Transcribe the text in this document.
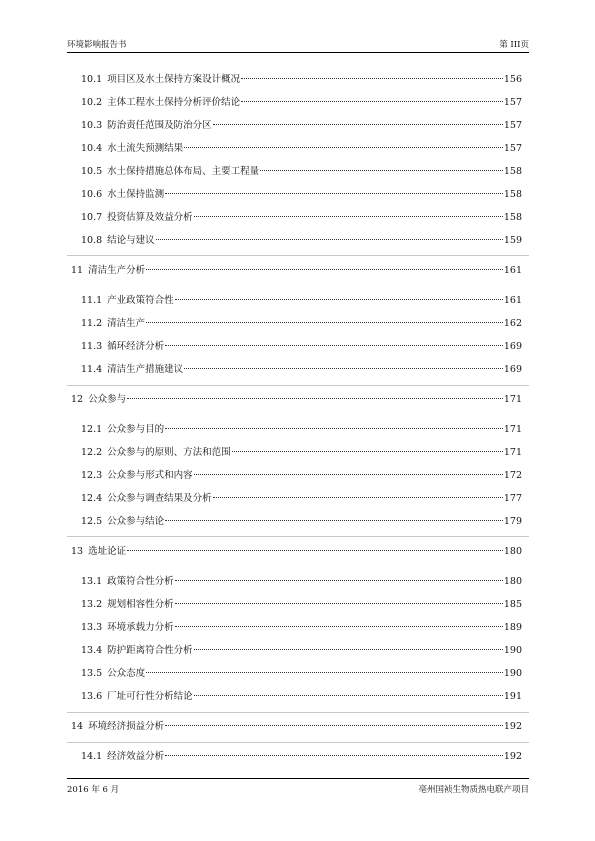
环境影响报告书	第 III页
10.1 项目区及水土保持方案设计概况	156
10.2 主体工程水土保持分析评价结论	157
10.3 防治责任范围及防治分区	157
10.4 水土流失预测结果	157
10.5 水土保持措施总体布局、主要工程量	158
10.6 水土保持监测	158
10.7 投资估算及效益分析	158
10.8 结论与建议	159
11 清洁生产分析	161
11.1 产业政策符合性	161
11.2 清洁生产	162
11.3 循环经济分析	169
11.4 清洁生产措施建议	169
12 公众参与	171
12.1 公众参与目的	171
12.2 公众参与的原则、方法和范围	171
12.3 公众参与形式和内容	172
12.4 公众参与调查结果及分析	177
12.5 公众参与结论	179
13 选址论证	180
13.1 政策符合性分析	180
13.2 规划相容性分析	185
13.3 环境承载力分析	189
13.4 防护距离符合性分析	190
13.5 公众态度	190
13.6 厂址可行性分析结论	191
14 环境经济损益分析	192
14.1 经济效益分析	192
2016 年 6 月	亳州国祯生物质热电联产项目
